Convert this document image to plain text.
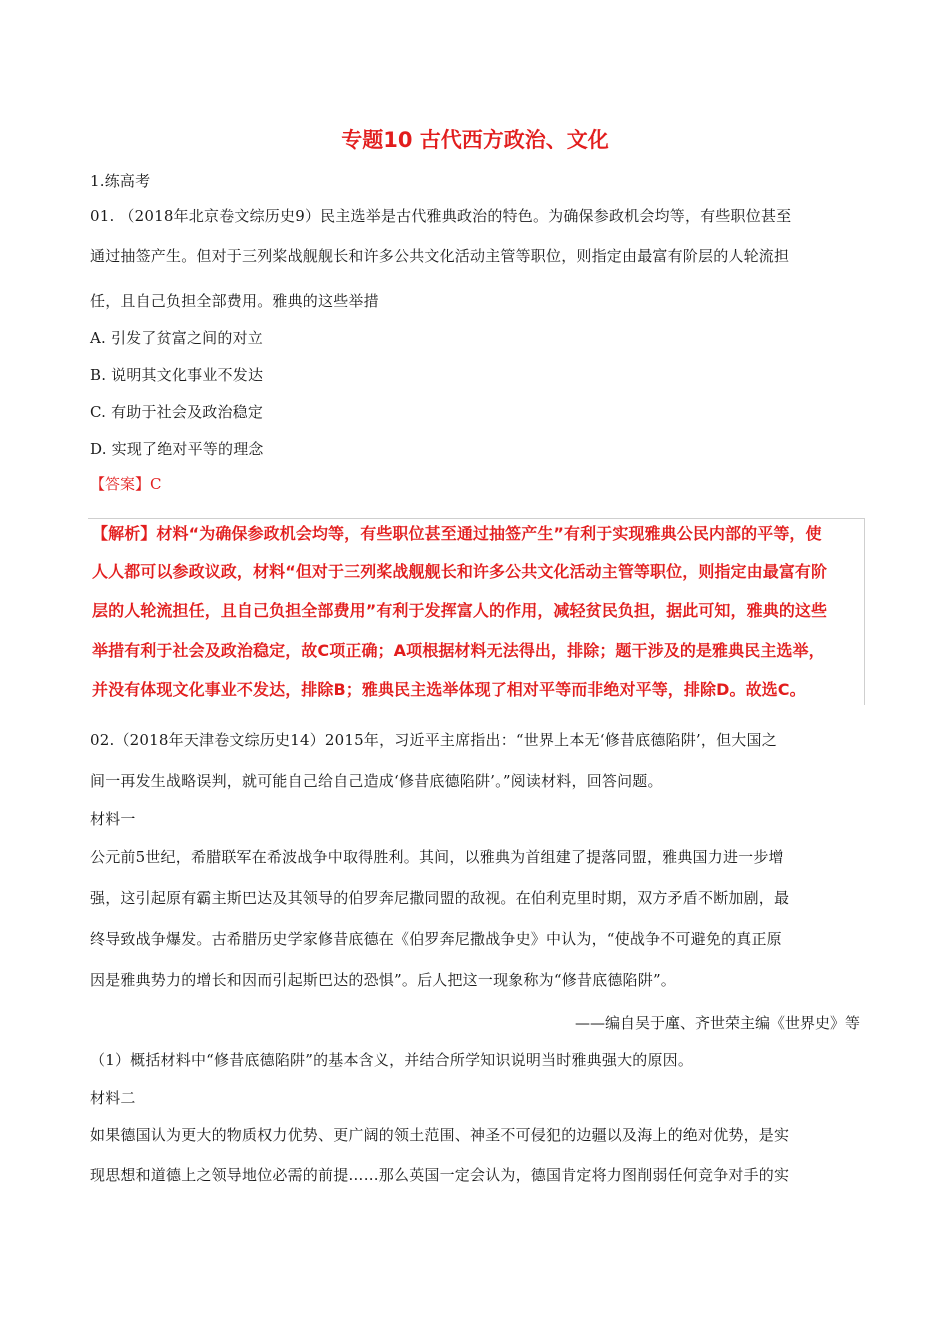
专题10 古代西方政治、文化
1.练高考
01. （2018年北京卷文综历史9）民主选举是古代雅典政治的特色。为确保参政机会均等，有些职位甚至
通过抽签产生。但对于三列桨战舰舰长和许多公共文化活动主管等职位，则指定由最富有阶层的人轮流担
任，且自己负担全部费用。雅典的这些举措
A. 引发了贫富之间的对立
B. 说明其文化事业不发达
C. 有助于社会及政治稳定
D. 实现了绝对平等的理念
【答案】C
【解析】材料“为确保参政机会均等，有些职位甚至通过抽签产生”有利于实现雅典公民内部的平等，使
人人都可以参政议政，材料“但对于三列桨战舰舰长和许多公共文化活动主管等职位，则指定由最富有阶
层的人轮流担任，且自己负担全部费用”有利于发挥富人的作用，减轻贫民负担，据此可知，雅典的这些
举措有利于社会及政治稳定，故C项正确；A项根据材料无法得出，排除；题干涉及的是雅典民主选举，
并没有体现文化事业不发达，排除B；雅典民主选举体现了相对平等而非绝对平等，排除D。故选C。
02.（2018年天津卷文综历史14）2015年，习近平主席指出：“世界上本无‘修昔底德陷阱’，但大国之
间一再发生战略误判，就可能自己给自己造成‘修昔底德陷阱’。”阅读材料，回答问题。
材料一
公元前5世纪，希腊联军在希波战争中取得胜利。其间，以雅典为首组建了提落同盟，雅典国力进一步增
强，这引起原有霸主斯巴达及其领导的伯罗奔尼撒同盟的敌视。在伯利克里时期，双方矛盾不断加剧，最
终导致战争爆发。古希腊历史学家修昔底德在《伯罗奔尼撒战争史》中认为，“使战争不可避免的真正原
因是雅典势力的增长和因而引起斯巴达的恐惧”。后人把这一现象称为“修昔底德陷阱”。
——编自吴于廑、齐世荣主编《世界史》等
（1）概括材料中“修昔底德陷阱”的基本含义，并结合所学知识说明当时雅典强大的原因。
材料二
如果德国认为更大的物质权力优势、更广阔的领土范围、神圣不可侵犯的边疆以及海上的绝对优势，是实
现思想和道德上之领导地位必需的前提……那么英国一定会认为，德国肯定将力图削弱任何竞争对手的实
